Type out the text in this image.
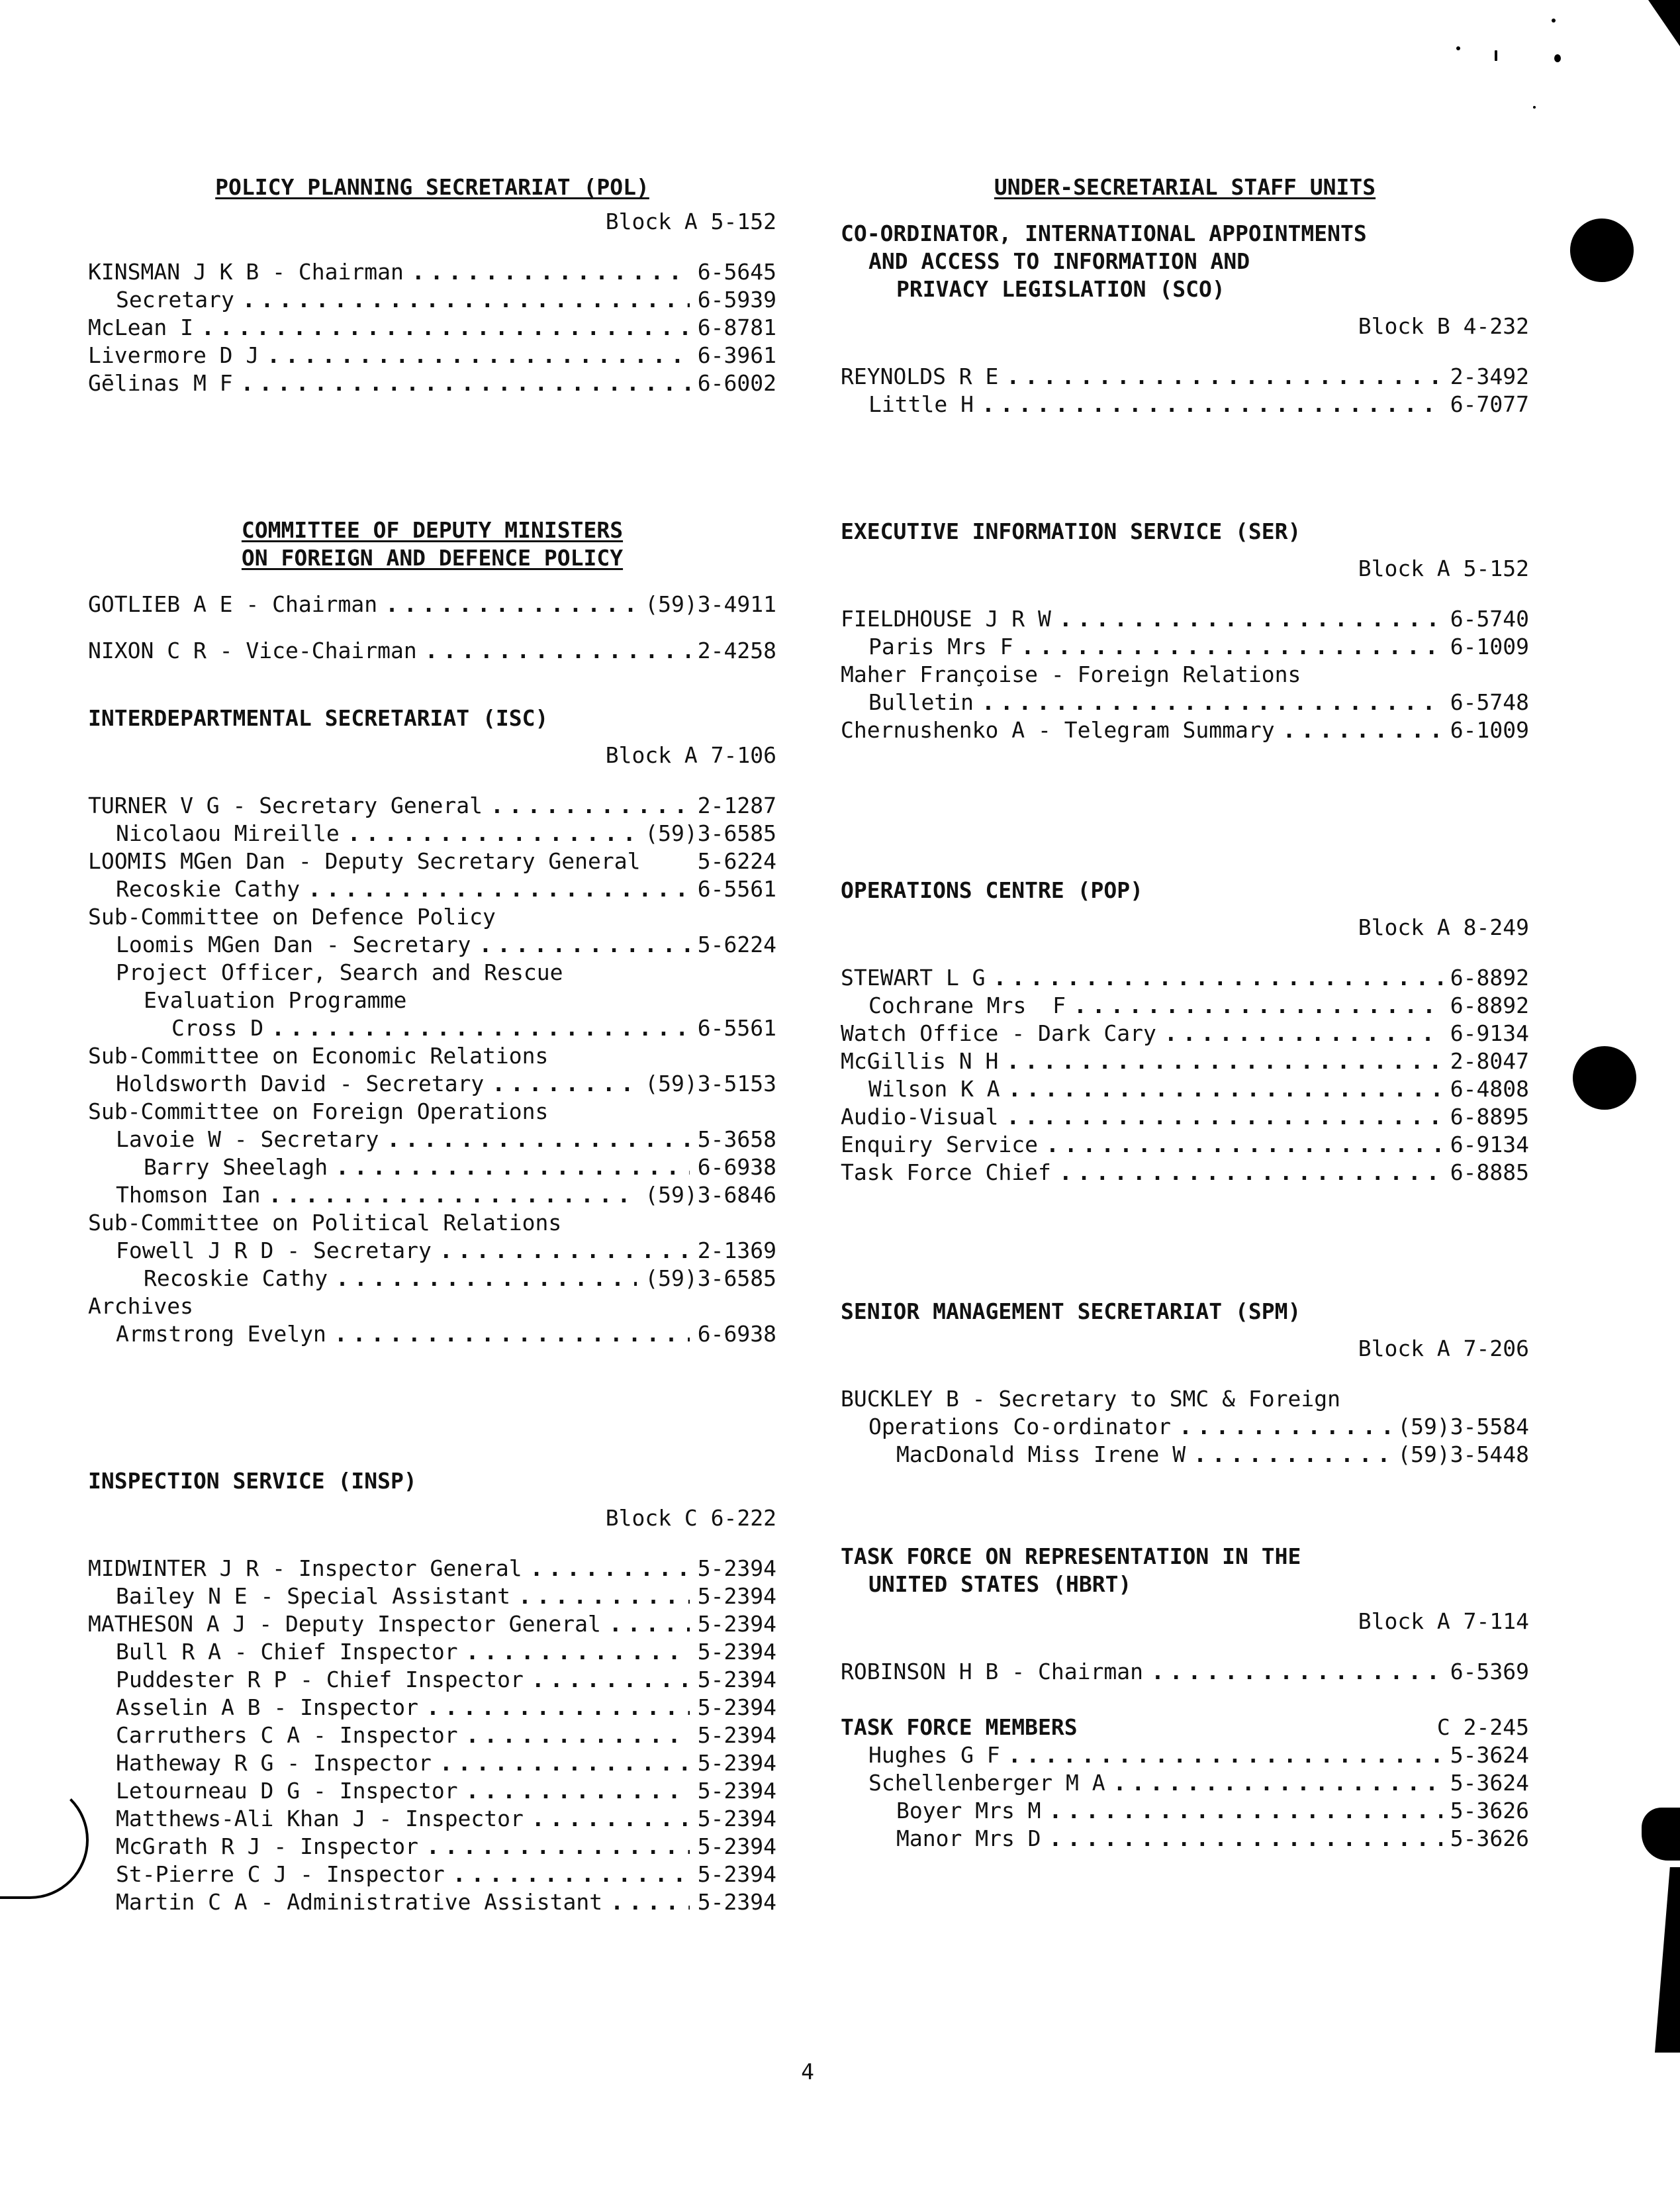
POLICY PLANNING SECRETARIAT (POL)
Block A 5-152
KINSMAN J K B - Chairman . . .	6-5645
Secretary . . .	6-5939
McLean I . . .	6-8781
Livermore D J . . .	6-3961
Gēlinas M F . . .	6-6002
COMMITTEE OF DEPUTY MINISTERS
ON FOREIGN AND DEFENCE POLICY
GOTLIEB A E - Chairman . . .	(59)3-4911
NIXON C R - Vice-Chairman . . .	2-4258
INTERDEPARTMENTAL SECRETARIAT (ISC)
Block A 7-106
TURNER V G - Secretary General . . .	2-1287
Nicolaou Mireille . . .	(59)3-6585
LOOMIS MGen Dan - Deputy Secretary General	5-6224
Recoskie Cathy . . .	6-5561
Sub-Committee on Defence Policy
Loomis MGen Dan - Secretary . . .	5-6224
Project Officer, Search and Rescue
Evaluation Programme
Cross D . . .	6-5561
Sub-Committee on Economic Relations
Holdsworth David - Secretary . . .	(59)3-5153
Sub-Committee on Foreign Operations
Lavoie W - Secretary . . .	5-3658
Barry Sheelagh . . .	6-6938
Thomson Ian . . .	(59)3-6846
Sub-Committee on Political Relations
Fowell J R D - Secretary . . .	2-1369
Recoskie Cathy . . .	(59)3-6585
Archives
Armstrong Evelyn . . .	6-6938
INSPECTION SERVICE (INSP)
Block C 6-222
MIDWINTER J R - Inspector General . . .	5-2394
Bailey N E - Special Assistant . . .	5-2394
MATHESON A J - Deputy Inspector General . . .	5-2394
Bull R A - Chief Inspector . . .	5-2394
Puddester R P - Chief Inspector . . .	5-2394
Asselin A B - Inspector . . .	5-2394
Carruthers C A - Inspector . . .	5-2394
Hatheway R G - Inspector . . .	5-2394
Letourneau D G - Inspector . . .	5-2394
Matthews-Ali Khan J - Inspector . . .	5-2394
McGrath R J - Inspector . . .	5-2394
St-Pierre C J - Inspector . . .	5-2394
Martin C A - Administrative Assistant . . .	5-2394
UNDER-SECRETARIAL STAFF UNITS
CO-ORDINATOR, INTERNATIONAL APPOINTMENTS
AND ACCESS TO INFORMATION AND
PRIVACY LEGISLATION (SCO)
Block B 4-232
REYNOLDS R E . . .	2-3492
Little H . . .	6-7077
EXECUTIVE INFORMATION SERVICE (SER)
Block A 5-152
FIELDHOUSE J R W . . .	6-5740
Paris Mrs F . . .	6-1009
Maher Françoise - Foreign Relations
Bulletin . . .	6-5748
Chernushenko A - Telegram Summary . . .	6-1009
OPERATIONS CENTRE (POP)
Block A 8-249
STEWART L G . . .	6-8892
Cochrane Mrs  F . . .	6-8892
Watch Office - Dark Cary . . .	6-9134
McGillis N H . . .	2-8047
Wilson K A . . .	6-4808
Audio-Visual . . .	6-8895
Enquiry Service . . .	6-9134
Task Force Chief . . .	6-8885
SENIOR MANAGEMENT SECRETARIAT (SPM)
Block A 7-206
BUCKLEY B - Secretary to SMC & Foreign
Operations Co-ordinator . . .	(59)3-5584
MacDonald Miss Irene W . . .	(59)3-5448
TASK FORCE ON REPRESENTATION IN THE
UNITED STATES (HBRT)
Block A 7-114
ROBINSON H B - Chairman . . .	6-5369
TASK FORCE MEMBERS	C 2-245
Hughes G F . . .	5-3624
Schellenberger M A . . .	5-3624
Boyer Mrs M . . .	5-3626
Manor Mrs D . . .	5-3626
4
